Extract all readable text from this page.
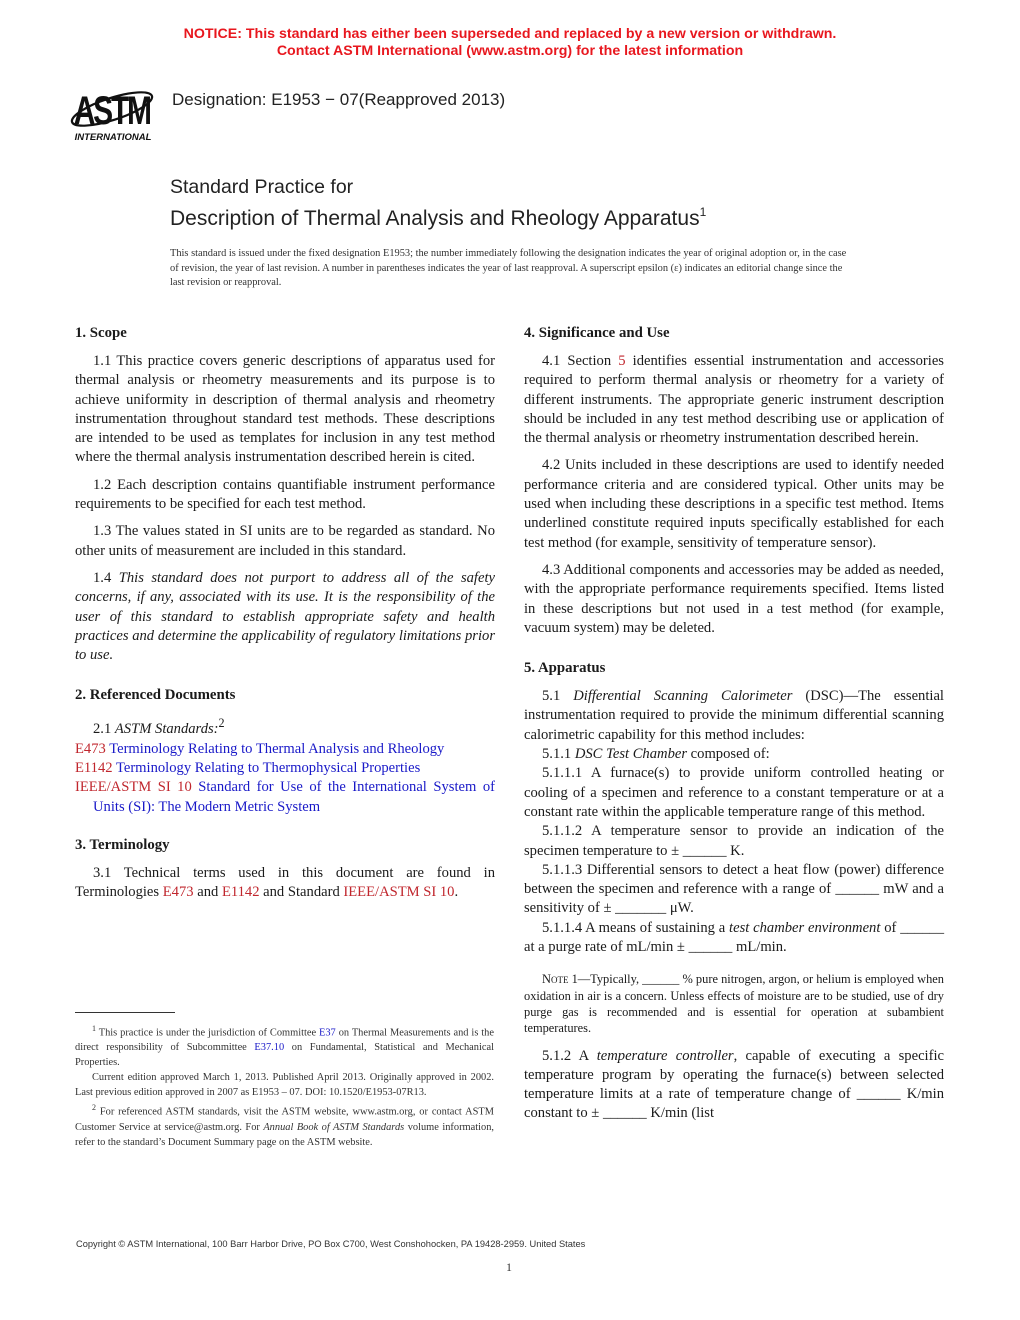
NOTICE: This standard has either been superseded and replaced by a new version or withdrawn.
Contact ASTM International (www.astm.org) for the latest information
ASTM
INTERNATIONAL
Designation: E1953 − 07(Reapproved 2013)
Standard Practice for
Description of Thermal Analysis and Rheology Apparatus$^1$
This standard is issued under the fixed designation E1953; the number immediately following the designation indicates the year of original adoption or, in the case of revision, the year of last revision. A number in parentheses indicates the year of last reapproval. A superscript epsilon (ε) indicates an editorial change since the last revision or reapproval.
1. Scope

1.1 This practice covers generic descriptions of apparatus used for thermal analysis or rheometry measurements and its purpose is to achieve uniformity in description of thermal analysis and rheometry instrumentation throughout standard test methods. These descriptions are intended to be used as templates for inclusion in any test method where the thermal analysis instrumentation described herein is cited.

1.2 Each description contains quantifiable instrument performance requirements to be specified for each test method.

1.3 The values stated in SI units are to be regarded as standard. No other units of measurement are included in this standard.

1.4 This standard does not purport to address all of the safety concerns, if any, associated with its use. It is the responsibility of the user of this standard to establish appropriate safety and health practices and determine the applicability of regulatory limitations prior to use.

2. Referenced Documents

2.1 ASTM Standards:$^2$

E473 Terminology Relating to Thermal Analysis and Rheology
E1142 Terminology Relating to Thermophysical Properties
IEEE/ASTM SI 10 Standard for Use of the International System of Units (SI): The Modern Metric System
3. Terminology

3.1 Technical terms used in this document are found in Terminologies E473 and E1142 and Standard IEEE/ASTM SI 10.

4. Significance and Use

4.1 Section 5 identifies essential instrumentation and accessories required to perform thermal analysis or rheometry for a variety of different instruments. The appropriate generic instrument description should be included in any test method describing use or application of the thermal analysis or rheometry instrumentation described herein.

4.2 Units included in these descriptions are used to identify needed performance criteria and are considered typical. Other units may be used when including these descriptions in a specific test method. Items underlined constitute required inputs specifically established for each test method (for example, sensitivity of temperature sensor).

4.3 Additional components and accessories may be added as needed, with the appropriate performance requirements specified. Items listed in these descriptions but not used in a test method (for example, vacuum system) may be deleted.

5. Apparatus

5.1 Differential Scanning Calorimeter (DSC)—The essential instrumentation required to provide the minimum differential scanning calorimetric capability for this method includes:

5.1.1 DSC Test Chamber composed of:

5.1.1.1 A furnace(s) to provide uniform controlled heating or cooling of a specimen and reference to a constant temperature or at a constant rate within the applicable temperature range of this method.

5.1.1.2 A temperature sensor to provide an indication of the specimen temperature to ± ______ K.

5.1.1.3 Differential sensors to detect a heat flow (power) difference between the specimen and reference with a range of ______ mW and a sensitivity of ± _______ μW.

5.1.1.4 A means of sustaining a test chamber environment of ______ at a purge rate of mL/min ± ______ mL/min.

Note 1—Typically, ______ % pure nitrogen, argon, or helium is employed when oxidation in air is a concern. Unless effects of moisture are to be studied, use of dry purge gas is recommended and is essential for operation at subambient temperatures.

5.1.2 A temperature controller, capable of executing a specific temperature program by operating the furnace(s) between selected temperature limits at a rate of temperature change of ______ K/min constant to ± ______ K/min (list

$^1$ This practice is under the jurisdiction of Committee E37 on Thermal Measurements and is the direct responsibility of Subcommittee E37.10 on Fundamental, Statistical and Mechanical Properties.

Current edition approved March 1, 2013. Published April 2013. Originally approved in 2002. Last previous edition approved in 2007 as E1953 – 07. DOI: 10.1520/E1953-07R13.

$^2$ For referenced ASTM standards, visit the ASTM website, www.astm.org, or contact ASTM Customer Service at service@astm.org. For Annual Book of ASTM Standards volume information, refer to the standard’s Document Summary page on the ASTM website.

Copyright © ASTM International, 100 Barr Harbor Drive, PO Box C700, West Conshohocken, PA 19428-2959. United States
1
